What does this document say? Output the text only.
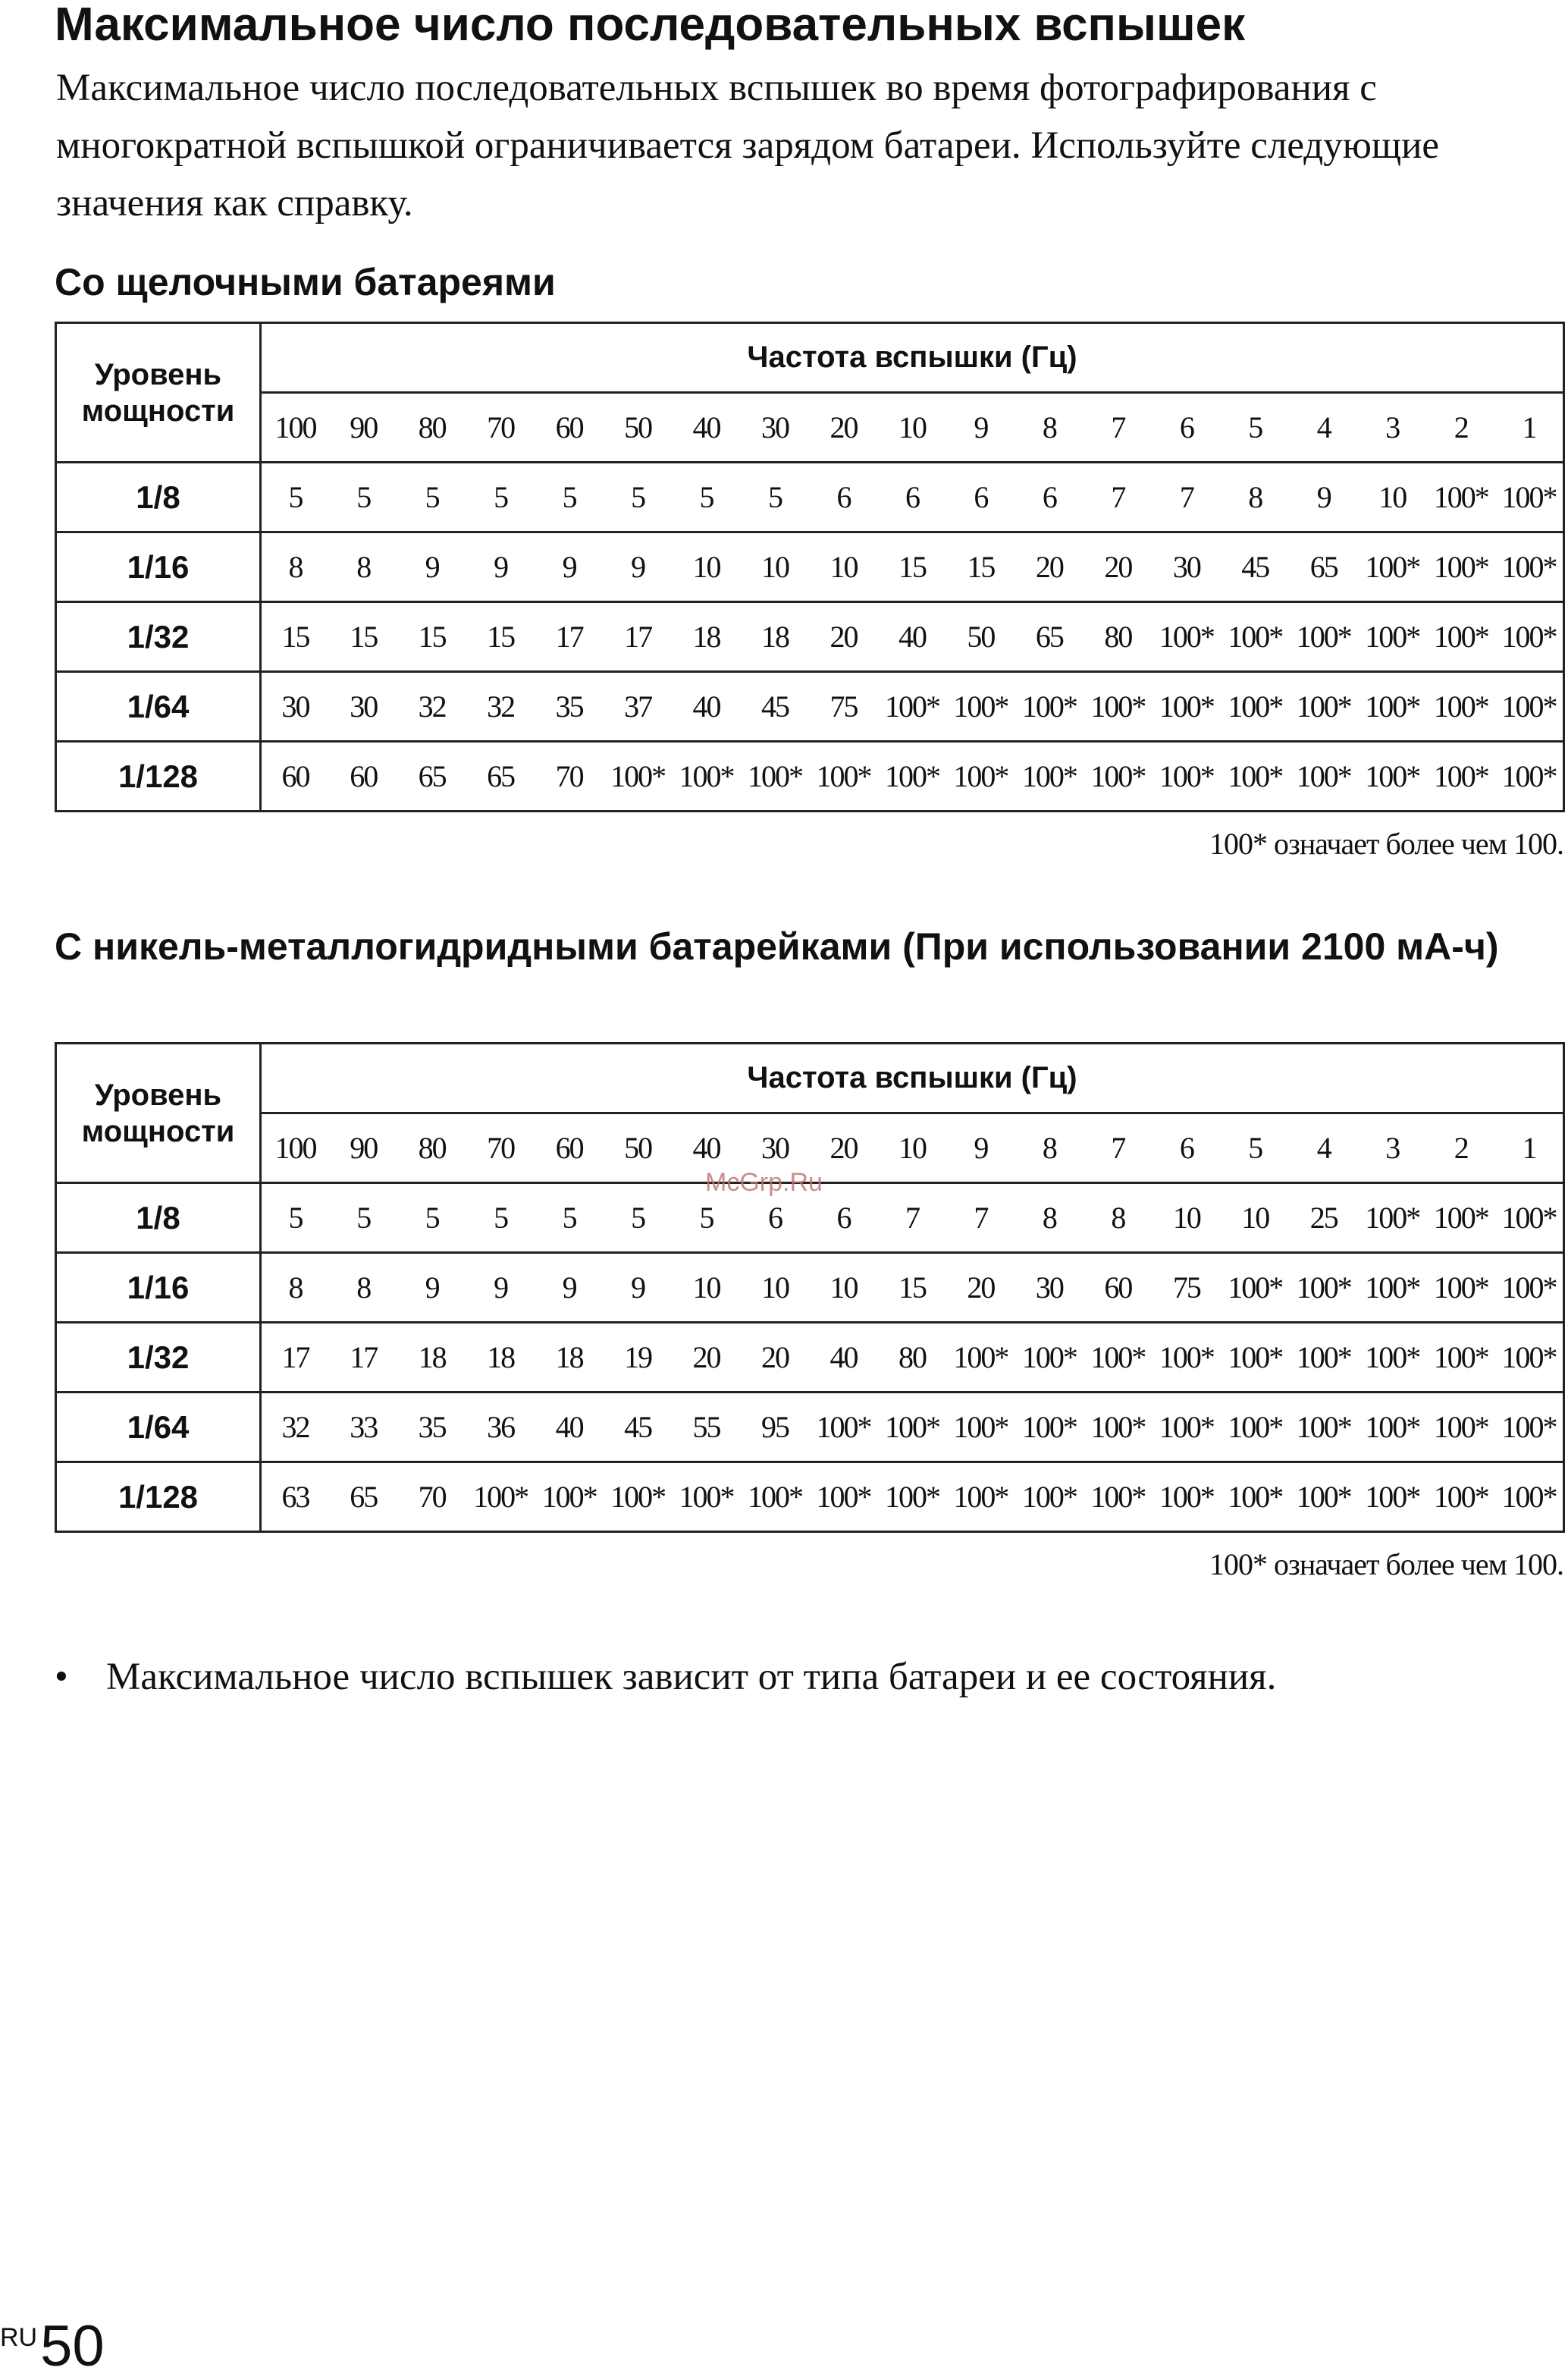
Максимальное число последовательных вспышек

Максимальное число последовательных вспышек во время фотографирования с многократной вспышкой ограничивается зарядом батареи. Используйте следующие значения как справку.

Со щелочными батареями
Уровень мощности	Частота вспышки (Гц)																		
	100	90	80	70	60	50	40	30	20	10	9	8	7	6	5	4	3	2	1
1/8	5	5	5	5	5	5	5	5	6	6	6	6	7	7	8	9	10	100*	100*
1/16	8	8	9	9	9	9	10	10	10	15	15	20	20	30	45	65	100*	100*	100*
1/32	15	15	15	15	17	17	18	18	20	40	50	65	80	100*	100*	100*	100*	100*	100*
1/64	30	30	32	32	35	37	40	45	75	100*	100*	100*	100*	100*	100*	100*	100*	100*	100*
1/128	60	60	65	65	70	100*	100*	100*	100*	100*	100*	100*	100*	100*	100*	100*	100*	100*	100*
100* означает более чем 100.
С никель-металлогидридными батарейками (При использовании 2100 мА-ч)
Уровень мощности	Частота вспышки (Гц)																		
	100	90	80	70	60	50	40	30	20	10	9	8	7	6	5	4	3	2	1
1/8	5	5	5	5	5	5	5	6	6	7	7	8	8	10	10	25	100*	100*	100*
1/16	8	8	9	9	9	9	10	10	10	15	20	30	60	75	100*	100*	100*	100*	100*
1/32	17	17	18	18	18	19	20	20	40	80	100*	100*	100*	100*	100*	100*	100*	100*	100*
1/64	32	33	35	36	40	45	55	95	100*	100*	100*	100*	100*	100*	100*	100*	100*	100*	100*
1/128	63	65	70	100*	100*	100*	100*	100*	100*	100*	100*	100*	100*	100*	100*	100*	100*	100*	100*
100* означает более чем 100.
• Максимальное число вспышек зависит от типа батареи и ее состояния.
McGrp.Ru
RU50
